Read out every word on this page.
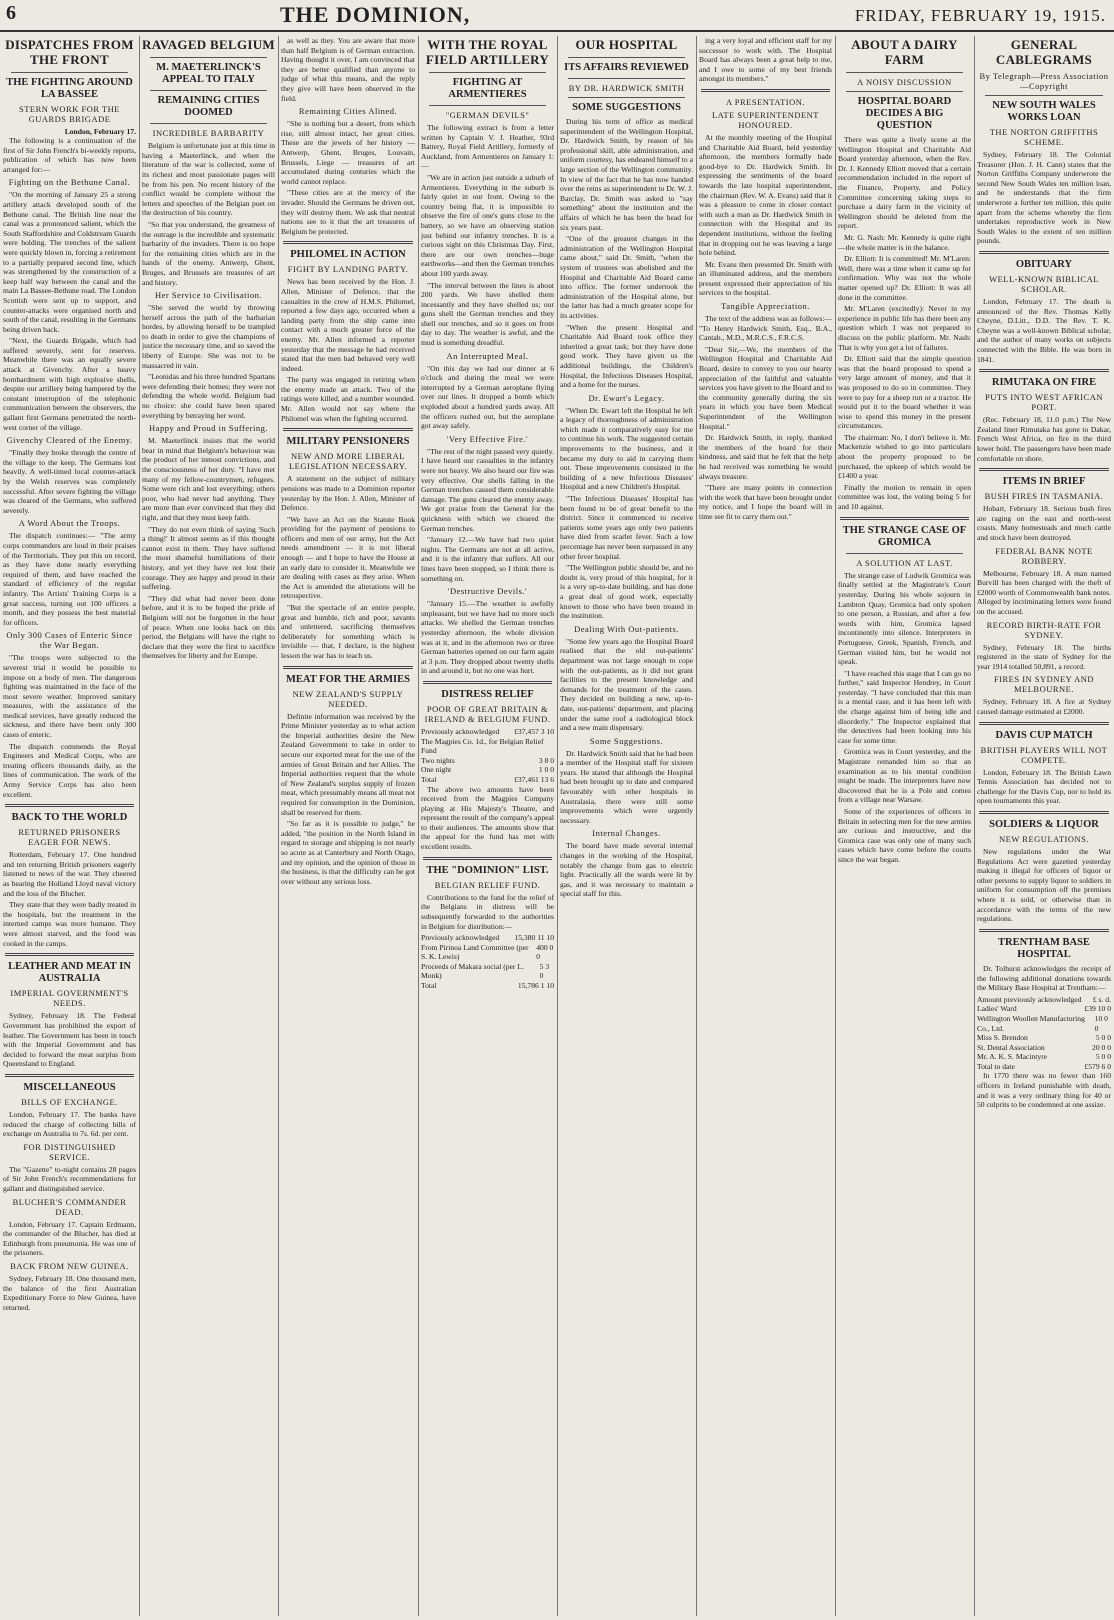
6	THE DOMINION,	FRIDAY, FEBRUARY 19, 1915.
DISPATCHES FROM THE FRONT
THE FIGHTING AROUND LA BASSEE
STERN WORK FOR THE GUARDS BRIGADE
London, February 17.

The following is a continuation of the first of Sir John French's bi-weekly reports, publication of which has now been arranged for:—

Fighting on the Bethune Canal.

"On the morning of January 25 a strong artillery attack developed south of the Bethune canal. The British line near the canal was a pronounced salient, which the South Staffordshire and Coldstream Guards were holding. The trenches of the salient were quickly blown in, forcing a retirement to a partially prepared second line, which was strengthened by the construction of a keep half way between the canal and the main La Bassee-Bethune road. The London Scottish were sent up to support, and counter-attacks were organised north and south of the canal, resulting in the Germans being driven back.

"Next, the Guards Brigade, which had suffered severely, sent for reserves. Meanwhile there was an equally severe attack at Givenchy. After a heavy bombardment with high explosive shells, despite our artillery being hampered by the constant interruption of the telephonic communication between the observers, the gallant first Germans penetrated the north-west corner of the village.

Givenchy Cleared of the Enemy.

"Finally they broke through the centre of the village to the keep. The Germans lost heavily. A well-timed local counter-attack by the Welsh reserves was completely successful. After severe fighting the village was cleared of the Germans, who suffered severely.

A Word About the Troops.

The dispatch continues:— "The army corps commanders are loud in their praises of the Territorials. They put this on record, as they have done nearly everything required of them, and have reached the standard of efficiency of the regular infantry. The Artists' Training Corps is a great success, turning out 100 officers a month, and they possess the best material for officers.

Only 300 Cases of Enteric Since the War Began.

"The troops were subjected to the severest trial it would be possible to impose on a body of men. The dangerous fighting was maintained in the face of the most severe weather. Improved sanitary measures, with the assistance of the medical services, have greatly reduced the sickness, and there have been only 300 cases of enteric.

The dispatch commends the Royal Engineers and Medical Corps, who are treating officers thousands daily, as the lines of communication. The work of the Army Service Corps has also been excellent.

BACK TO THE WORLD
RETURNED PRISONERS EAGER FOR NEWS.

Rotterdam, February 17. One hundred and ten returning British prisoners eagerly listened to news of the war. They cheered as bearing the Holland Lloyd naval victory and the loss of the Blucher.

They state that they were badly treated in the hospitals, but the treatment in the interned camps was more humane. They were almost starved, and the food was cooked in the camps.

LEATHER AND MEAT IN AUSTRALIA
IMPERIAL GOVERNMENT'S NEEDS.

Sydney, February 18. The Federal Government has prohibited the export of leather. The Government has been in touch with the Imperial Government and has decided to forward the meat surplus from Queensland to England.

MISCELLANEOUS
BILLS OF EXCHANGE.

London, February 17. The banks have reduced the charge of collecting bills of exchange on Australia to 7s. 6d. per cent.

FOR DISTINGUISHED SERVICE.

The "Gazette" to-night contains 28 pages of Sir John French's recommendations for gallant and distinguished service.

BLUCHER'S COMMANDER DEAD.

London, February 17. Captain Erdmann, the commander of the Blucher, has died at Edinburgh from pneumonia. He was one of the prisoners.

BACK FROM NEW GUINEA.

Sydney, February 18. One thousand men, the balance of the first Australian Expeditionary Force to New Guinea, have returned.

RAVAGED BELGIUM
M. MAETERLINCK'S APPEAL TO ITALY
REMAINING CITIES DOOMED
INCREDIBLE BARBARITY

Belgium is unfortunate just at this time in having a Maeterlinck, and when the literature of the war is collected, some of its richest and most passionate pages will be from his pen. No recent history of the conflict would be complete without the letters and speeches of the Belgian poet on the destruction of his country.

"So that you understand, the greatness of the outrage is the incredible and systematic barbarity of the invaders. There is no hope for the remaining cities which are in the hands of the enemy. Antwerp, Ghent, Bruges, and Brussels are treasures of art and history.

Her Service to Civilisation.

"She served the world by throwing herself across the path of the barbarian hordes, by allowing herself to be trampled to death in order to give the champions of justice the necessary time, and so saved the liberty of Europe. She was not to be massacred in vain.

"Leonidas and his three hundred Spartans were defending their homes; they were not defending the whole world. Belgium had no choice: she could have been spared everything by betraying her word.

Happy and Proud in Suffering.

M. Maeterlinck insists that the world bear in mind that Belgium's behaviour was the product of her inmost convictions, and the consciousness of her duty. "I have met many of my fellow-countrymen, refugees. Some were rich and lost everything; others poor, who had never had anything. They are more than ever convinced that they did right, and that they must keep faith.

"They do not even think of saying 'Such a thing!' It almost seems as if this thought cannot exist in them. They have suffered the most shameful humiliations of their history, and yet they have not lost their courage. They are happy and proud in their suffering.

"They did what had never been done before, and it is to be hoped the pride of Belgium will not be forgotten in the hour of peace. When one looks back on this period, the Belgians will have the right to declare that they were the first to sacrifice themselves for liberty and for Europe.

as well as they. You are aware that more than half Belgium is of German extraction. Having thought it over, I am convinced that they are better qualified than anyone to judge of what this means, and the reply they give will have been observed in the field.

Remaining Cities Alined.

"She is nothing but a desert, from which rise, still almost intact, her great cities. These are the jewels of her history — Antwerp, Ghent, Bruges, Louvain, Brussels, Liege — treasures of art accumulated during centuries which the world cannot replace.

"These cities are at the mercy of the invader. Should the Germans be driven out, they will destroy them. We ask that neutral nations see to it that the art treasures of Belgium be protected.

PHILOMEL IN ACTION
FIGHT BY LANDING PARTY.

News has been received by the Hon. J. Allen, Minister of Defence, that the casualties in the crew of H.M.S. Philomel, reported a few days ago, occurred when a landing party from the ship came into contact with a much greater force of the enemy. Mr. Allen informed a reporter yesterday that the message he had received stated that the men had behaved very well indeed.

The party was engaged in retiring when the enemy made an attack. Two of the ratings were killed, and a number wounded. Mr. Allen would not say where the Philomel was when the fighting occurred.

MILITARY PENSIONERS
NEW AND MORE LIBERAL LEGISLATION NECESSARY.

A statement on the subject of military pensions was made to a Dominion reporter yesterday by the Hon. J. Allen, Minister of Defence.

"We have an Act on the Statute Book providing for the payment of pensions to officers and men of our army, but the Act needs amendment — it is not liberal enough — and I hope to have the House at an early date to consider it. Meanwhile we are dealing with cases as they arise. When the Act is amended the alterations will be retrospective.

"But the spectacle of an entire people, great and humble, rich and poor, savants and unlettered, sacrificing themselves deliberately for something which is invisible — that, I declare, is the highest lesson the war has to teach us.

MEAT FOR THE ARMIES
NEW ZEALAND'S SUPPLY NEEDED.

Definite information was received by the Prime Minister yesterday as to what action the Imperial authorities desire the New Zealand Government to take in order to secure our exported meat for the use of the armies of Great Britain and her Allies. The Imperial authorities request that the whole of New Zealand's surplus supply of frozen meat, which presumably means all meat not required for consumption in the Dominion, shall be reserved for them.

"So far as it is possible to judge," he added, "the position in the North Island in regard to storage and shipping is not nearly so acute as at Canterbury and North Otago, and my opinion, and the opinion of those in the business, is that the difficulty can be got over without any serious loss.

WITH THE ROYAL FIELD ARTILLERY
FIGHTING AT ARMENTIERES
"GERMAN DEVILS"

The following extract is from a letter written by Captain V. J. Heather, 93rd Battery, Royal Field Artillery, formerly of Auckland, from Armentieres on January 1:—

"We are in action just outside a suburb of Armentieres. Everything in the suburb is fairly quiet in our front. Owing to the country being flat, it is impossible to observe the fire of one's guns close to the battery, so we have an observing station just behind our infantry trenches. It is a curious sight on this Christmas Day. First, there are our own trenches—huge earthworks—and then the German trenches about 100 yards away.

"The interval between the lines is about 200 yards. We have shelled them incessantly and they have shelled us; our guns shell the German trenches and they shell our trenches, and so it goes on from day to day. The weather is awful, and the mud is something dreadful.

An Interrupted Meal.

"On this day we had our dinner at 6 o'clock and during the meal we were interrupted by a German aeroplane flying over our lines. It dropped a bomb which exploded about a hundred yards away. All the officers rushed out, but the aeroplane got away safely.

'Very Effective Fire.'

"The rest of the night passed very quietly. I have heard our casualties in the infantry were not heavy. We also heard our fire was very effective. Our shells falling in the German trenches caused them considerable damage. The guns cleared the enemy away. We got praise from the General for the quickness with which we cleared the German trenches.

"January 12.—We have had two quiet nights. The Germans are not at all active, and it is the infantry that suffers. All our lines have been stopped, so I think there is something on.

'Destructive Devils.'

"January 15.—The weather is awfully unpleasant, but we have had no more such attacks. We shelled the German trenches yesterday afternoon, the whole division was at it, and in the afternoon two or three German batteries opened on our farm again at 3 p.m. They dropped about twenty shells in and around it, but no one was hurt.

DISTRESS RELIEF
POOR OF GREAT BRITAIN & IRELAND & BELGIUM FUND.
Previously acknowledged £37,457 3 10
The Magpies Co. 1d., for Belgian Relief Fund
Two nights	3 8 0
One night	1 0 0
Total	£37,461 13 6

The above two amounts have been received from the Magpies Company playing at His Majesty's Theatre, and represent the result of the company's appeal to their audiences. The amounts show that the appeal for the fund has met with excellent results.

THE "DOMINION" LIST.
BELGIAN RELIEF FUND.

Contributions to the fund for the relief of the Belgians in distress will be subsequently forwarded to the authorities in Belgium for distribution:—

Previously acknowledged 15,380 11 10
From Pirinoa Land Committee (per S. K. Lewis)
400 0 0
Proceeds of Makara social (per L. Monk)
5 3 0
Total	15,786 1 10
OUR HOSPITAL
ITS AFFAIRS REVIEWED
BY DR. HARDWICK SMITH
SOME SUGGESTIONS

During his term of office as medical superintendent of the Wellington Hospital, Dr. Hardwick Smith, by reason of his professional skill, able administration, and uniform courtesy, has endeared himself to a large section of the Wellington community. In view of the fact that he has now handed over the reins as superintendent to Dr. W. J. Barclay, Dr. Smith was asked to "say something" about the institution and the affairs of which he has been the head for six years past.

"One of the greatest changes in the administration of the Wellington Hospital came about," said Dr. Smith, "when the system of trustees was abolished and the Hospital and Charitable Aid Board came into office. The former undertook the administration of the Hospital alone, but the latter has had a much greater scope for its activities.

"When the present Hospital and Charitable Aid Board took office they inherited a great task; but they have done good work. They have given us the additional buildings, the Children's Hospital, the Infectious Diseases Hospital, and a home for the nurses.

Dr. Ewart's Legacy.

"When Dr. Ewart left the Hospital he left a legacy of thoroughness of administration which made it comparatively easy for me to continue his work. The suggested certain improvements to the business, and it became my duty to aid in carrying them out. These improvements consisted in the building of a new Infectious Diseases' Hospital and a new Children's Hospital.

"The Infectious Diseases' Hospital has been found to be of great benefit to the district. Since it commenced to receive patients some years ago only two patients have died from scarlet fever. Such a low percentage has never been surpassed in any other fever hospital.

"The Wellington public should be, and no doubt is, very proud of this hospital, for it is a very up-to-date building, and has done a great deal of good work, especially known to those who have been treated in the institution.

Dealing With Out-patients.

"Some few years ago the Hospital Board realised that the old out-patients' department was not large enough to cope with the out-patients, as it did not grant facilities to the present knowledge and demands for the treatment of the cases. They decided on building a new, up-to-date, out-patients' department, and placing under the same roof a radiological block and a new main dispensary.

Some Suggestions.

Dr. Hardwick Smith said that he had been a member of the Hospital staff for sixteen years. He stated that although the Hospital had been brought up to date and compared favourably with other hospitals in Australasia, there were still some improvements which were urgently necessary.

Internal Changes.

The board have made several internal changes in the working of the Hospital, notably the change from gas to electric light. Practically all the wards were lit by gas, and it was necessary to maintain a special staff for this.

ing a very loyal and efficient staff for my successor to work with. The Hospital Board has always been a great help to me, and I owe to some of my best friends amongst its members."

A PRESENTATION.
LATE SUPERINTENDENT HONOURED.

At the monthly meeting of the Hospital and Charitable Aid Board, held yesterday afternoon, the members formally bade good-bye to Dr. Hardwick Smith. In expressing the sentiments of the board towards the late hospital superintendent, the chairman (Rev. W. A. Evans) said that it was a pleasure to come in closer contact with such a man as Dr. Hardwick Smith in connection with the Hospital and its dependent institutions, without the feeling that in dropping out he was leaving a large hole behind.

Mr. Evans then presented Dr. Smith with an illuminated address, and the members present expressed their appreciation of his services to the hospital.

Tangible Appreciation.

The text of the address was as follows:— "To Henry Hardwick Smith, Esq., B.A., Cantab., M.D., M.R.C.S., F.R.C.S.

"Dear Sir,—We, the members of the Wellington Hospital and Charitable Aid Board, desire to convey to you our hearty appreciation of the faithful and valuable services you have given to the Board and to the community generally during the six years in which you have been Medical Superintendent of the Wellington Hospital."

Dr. Hardwick Smith, in reply, thanked the members of the board for their kindness, and said that he felt that the help he had received was something he would always treasure.

"There are many points in connection with the work that have been brought under my notice, and I hope the board will in time see fit to carry them out."

ABOUT A DAIRY FARM
A NOISY DISCUSSION
HOSPITAL BOARD DECIDES A BIG QUESTION

There was quite a lively scene at the Wellington Hospital and Charitable Aid Board yesterday afternoon, when the Rev. Dr. J. Kennedy Elliott moved that a certain recommendation included in the report of the Finance, Property, and Policy Committee concerning taking steps to purchase a dairy farm in the vicinity of Wellington should be deleted from the report.

Mr. G. Nash: Mr. Kennedy is quite right—the whole matter is in the balance.

Dr. Elliott: It is committed! Mr. M'Laren: Well, there was a time when it came up for confirmation. Why was not the whole matter opened up? Dr. Elliott: It was all done in the committee.

Mr. M'Laren (excitedly): Never in my experience in public life has there been any question which I was not prepared to discuss on the public platform. Mr. Nash: That is why you get a lot of failures.

Dr. Elliott said that the simple question was that the board proposed to spend a very large amount of money, and that it was proposed to do so in committee. They were to pay for a sheep run or a tractor. He would put it to the board whether it was wise to spend this money in the present circumstances.

The chairman: No, I don't believe it. Mr. Mackenzie wished to go into particulars about the property proposed to be purchased, the upkeep of which would be £1400 a year.

Finally the motion to remain in open committee was lost, the voting being 5 for and 10 against.

THE STRANGE CASE OF GROMICA
A SOLUTION AT LAST.

The strange case of Ludwik Gromica was finally settled at the Magistrate's Court yesterday. During his whole sojourn in Lambton Quay, Gromica had only spoken to one person, a Russian, and after a few words with him, Gromica lapsed incontinently into silence. Interpreters in Portuguese, Greek, Spanish, French, and German visited him, but he would not speak.

"I have reached this stage that I can go no further," said Inspector Hendrey, in Court yesterday. "I have concluded that this man is a mental case, and it has been left with the charge against him of being idle and disorderly." The Inspector explained that the detectives had been looking into his case for some time.

Gromica was in Court yesterday, and the Magistrate remanded him so that an examination as to his mental condition might be made. The interpreters have now discovered that he is a Pole and comes from a village near Warsaw.

Some of the experiences of officers in Britain in selecting men for the new armies are curious and instructive, and the Gromica case was only one of many such cases which have come before the courts since the war began.

GENERAL CABLEGRAMS
By Telegraph—Press Association—Copyright
NEW SOUTH WALES WORKS LOAN
THE NORTON GRIFFITHS SCHEME.

Sydney, February 18. The Colonial Treasurer (Hon. J. H. Cann) states that the Norton Griffiths Company underwrote the second New South Wales ten million loan, and he understands that the firm underwrote a further ten million, this quite apart from the scheme whereby the firm undertakes reproductive work in New South Wales to the extent of ten million pounds.

OBITUARY
WELL-KNOWN BIBLICAL SCHOLAR.

London, February 17. The death is announced of the Rev. Thomas Kelly Cheyne, D.Litt., D.D. The Rev. T. K. Cheyne was a well-known Biblical scholar, and the author of many works on subjects connected with the Bible. He was born in 1841.

RIMUTAKA ON FIRE
PUTS INTO WEST AFRICAN PORT.

(Rec. February 18, 11.0 p.m.) The New Zealand liner Rimutaka has gone to Dakar, French West Africa, on fire in the third lower hold. The passengers have been made comfortable on shore.

ITEMS IN BRIEF
BUSH FIRES IN TASMANIA.

Hobart, February 18. Serious bush fires are raging on the east and north-west coasts. Many homesteads and much cattle and stock have been destroyed.

FEDERAL BANK NOTE ROBBERY.

Melbourne, February 18. A man named Burvill has been charged with the theft of £2000 worth of Commonwealth bank notes. Alleged by incriminating letters were found on the accused.

RECORD BIRTH-RATE FOR SYDNEY.

Sydney, February 18. The births registered in the state of Sydney for the year 1914 totalled 50,891, a record.

FIRES IN SYDNEY AND MELBOURNE.

Sydney, February 18. A fire at Sydney caused damage estimated at £2000.

DAVIS CUP MATCH
BRITISH PLAYERS WILL NOT COMPETE.

London, February 18. The British Lawn Tennis Association has decided not to challenge for the Davis Cup, nor to hold its open tournaments this year.

SOLDIERS & LIQUOR
NEW REGULATIONS.

New regulations under the War Regulations Act were gazetted yesterday making it illegal for officers of liquor or other persons to supply liquor to soldiers in uniform for consumption off the premises where it is sold, or otherwise than in accordance with the terms of the new regulations.

TRENTHAM BASE HOSPITAL

Dr. Tolhurst acknowledges the receipt of the following additional donations towards the Military Base Hospital at Trentham:—

Amount previously acknowledged £ s. d.
Ladies' Ward	£39 10 0
Wellington Woollen Manufacturing Co., Ltd.
10 0 0
Miss S. Brendon	5 0 0
St. Dental Association	20 0 0
Mr. A. K. S. Macintyre	5 0 0
Total to date	£579 6 0

In 1770 there was no fewer than 160 officers in Ireland punishable with death, and it was a very ordinary thing for 40 or 50 culprits to be condemned at one assize.
